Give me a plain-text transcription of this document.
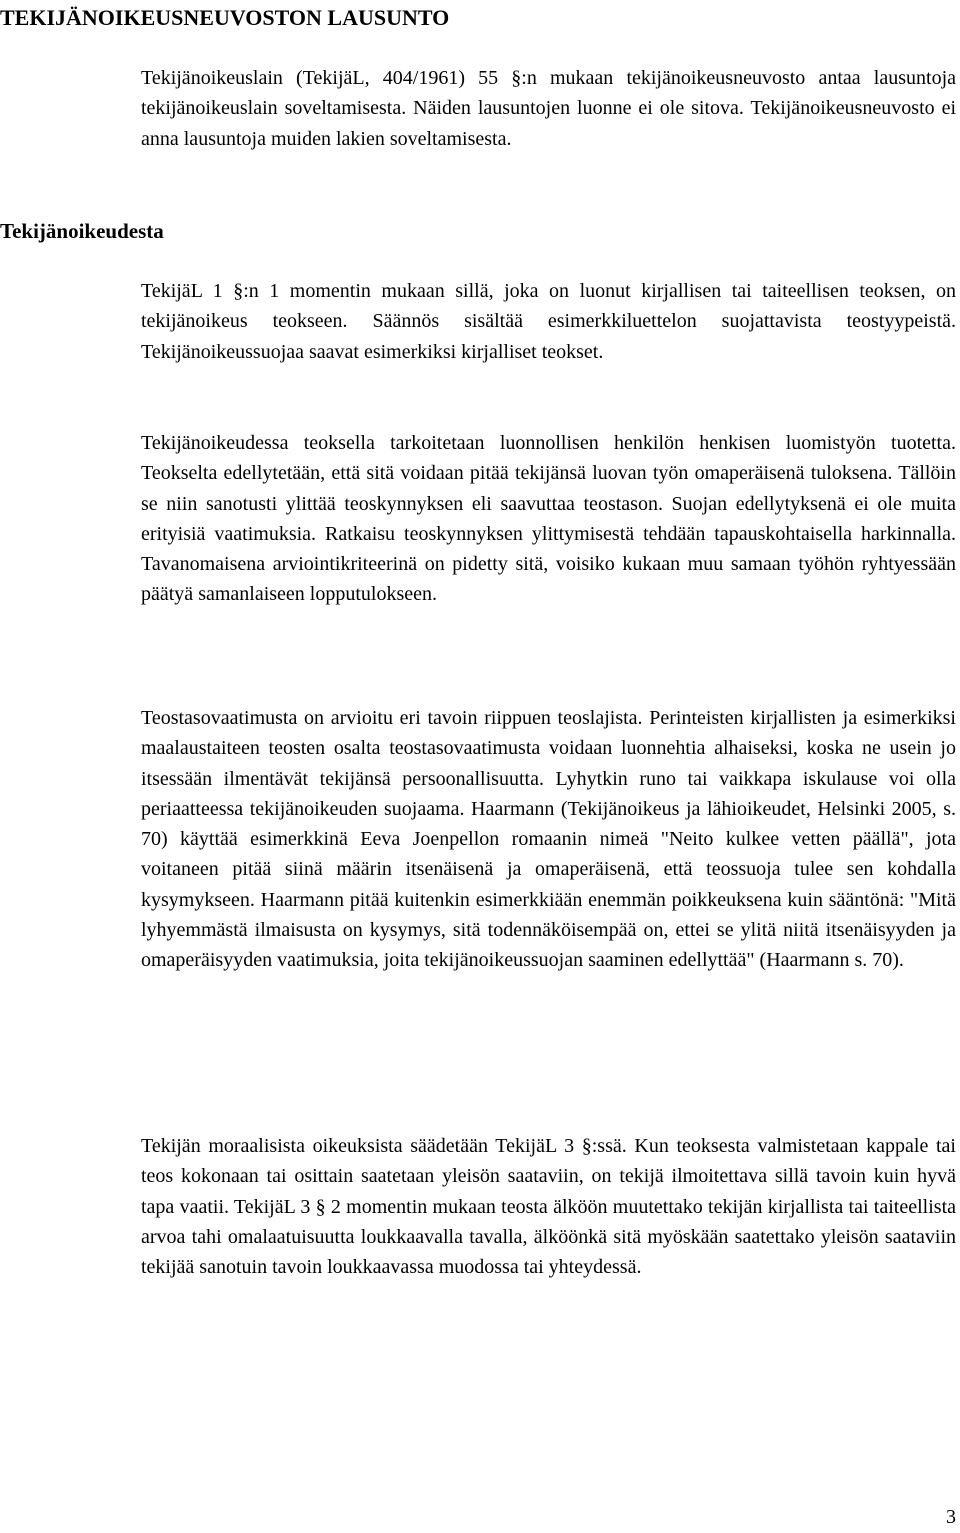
TEKIJÄNOIKEUSNEUVOSTON LAUSUNTO
Tekijänoikeudesta

Tekijänoikeuslain (TekijäL, 404/1961) 55 §:n mukaan tekijänoikeusneuvosto antaa lausuntoja tekijänoikeuslain soveltamisesta. Näiden lausuntojen luonne ei ole sitova. Tekijänoikeusneuvosto ei anna lausuntoja muiden lakien soveltamisesta.

TekijäL 1 §:n 1 momentin mukaan sillä, joka on luonut kirjallisen tai taiteellisen teoksen, on tekijänoikeus teokseen. Säännös sisältää esimerkkiluettelon suojattavista teostyypeistä. Tekijänoikeussuojaa saavat esimerkiksi kirjalliset teokset.

Tekijänoikeudessa teoksella tarkoitetaan luonnollisen henkilön henkisen luomistyön tuotetta. Teokselta edellytetään, että sitä voidaan pitää tekijänsä luovan työn omaperäisenä tuloksena. Tällöin se niin sanotusti ylittää teoskynnyksen eli saavuttaa teostason. Suojan edellytyksenä ei ole muita erityisiä vaatimuksia. Ratkaisu teoskynnyksen ylittymisestä tehdään tapauskohtaisella harkinnalla. Tavanomaisena arviointikriteerinä on pidetty sitä, voisiko kukaan muu samaan työhön ryhtyessään päätyä samanlaiseen lopputulokseen.

Teostasovaatimusta on arvioitu eri tavoin riippuen teoslajista. Perinteisten kirjallisten ja esimerkiksi maalaustaiteen teosten osalta teostasovaatimusta voidaan luonnehtia alhaiseksi, koska ne usein jo itsessään ilmentävät tekijänsä persoonallisuutta. Lyhytkin runo tai vaikkapa iskulause voi olla periaatteessa tekijänoikeuden suojaama. Haarmann (Tekijänoikeus ja lähioikeudet, Helsinki 2005, s. 70) käyttää esimerkkinä Eeva Joenpellon romaanin nimeä "Neito kulkee vetten päällä", jota voitaneen pitää siinä määrin itsenäisenä ja omaperäisenä, että teossuoja tulee sen kohdalla kysymykseen. Haarmann pitää kuitenkin esimerkkiään enemmän poikkeuksena kuin sääntönä: "Mitä lyhyemmästä ilmaisusta on kysymys, sitä todennäköisempää on, ettei se ylitä niitä itsenäisyyden ja omaperäisyyden vaatimuksia, joita tekijänoikeussuojan saaminen edellyttää" (Haarmann s. 70).

Tekijän moraalisista oikeuksista säädetään TekijäL 3 §:ssä. Kun teoksesta valmistetaan kappale tai teos kokonaan tai osittain saatetaan yleisön saataviin, on tekijä ilmoitettava sillä tavoin kuin hyvä tapa vaatii. TekijäL 3 § 2 momentin mukaan teosta älköön muutettako tekijän kirjallista tai taiteellista arvoa tahi omalaatuisuutta loukkaavalla tavalla, älköönkä sitä myöskään saatettako yleisön saataviin tekijää sanotuin tavoin loukkaavassa muodossa tai yhteydessä.

3
